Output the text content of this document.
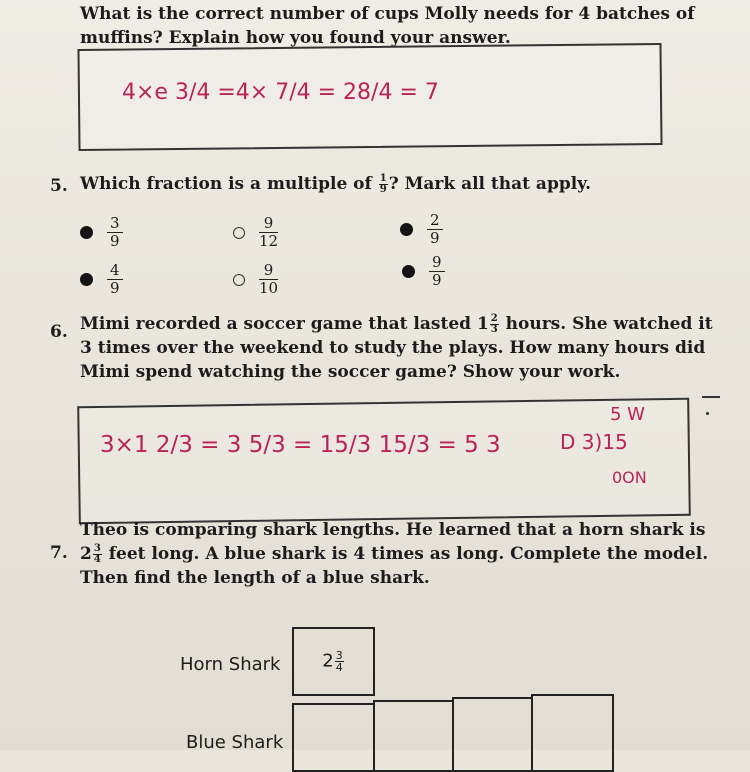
What is the correct number of cups Molly needs for 4 batches of
muffins? Explain how you found your answer.
4×e 3/4 =4× 7/4 = 28/4 = 7
5. Which fraction is a multiple of $\frac{1}{9}$ ? Mark all that apply.
$\frac{3}{9}$	$\frac{9}{12}$	$\frac{2}{9}$
$\frac{4}{9}$	$\frac{9}{10}$	$\frac{9}{9}$
6. Mimi recorded a soccer game that lasted $1 \frac{2}{3}$ hours. She watched it
3 times over the weekend to study the plays. How many hours did
Mimi spend watching the soccer game? Show your work.
3×1 2/3 = 3 5/3 = 15/3 15/3 = 5 3
5 W
D 3)15
0ON
7.
Theo is comparing shark lengths. He learned that a horn shark is
$2 \frac{3}{4}$ feet long. A blue shark is 4 times as long. Complete the model.
Then find the length of a blue shark.
Horn Shark $2 \frac{3}{4}$
Blue Shark
